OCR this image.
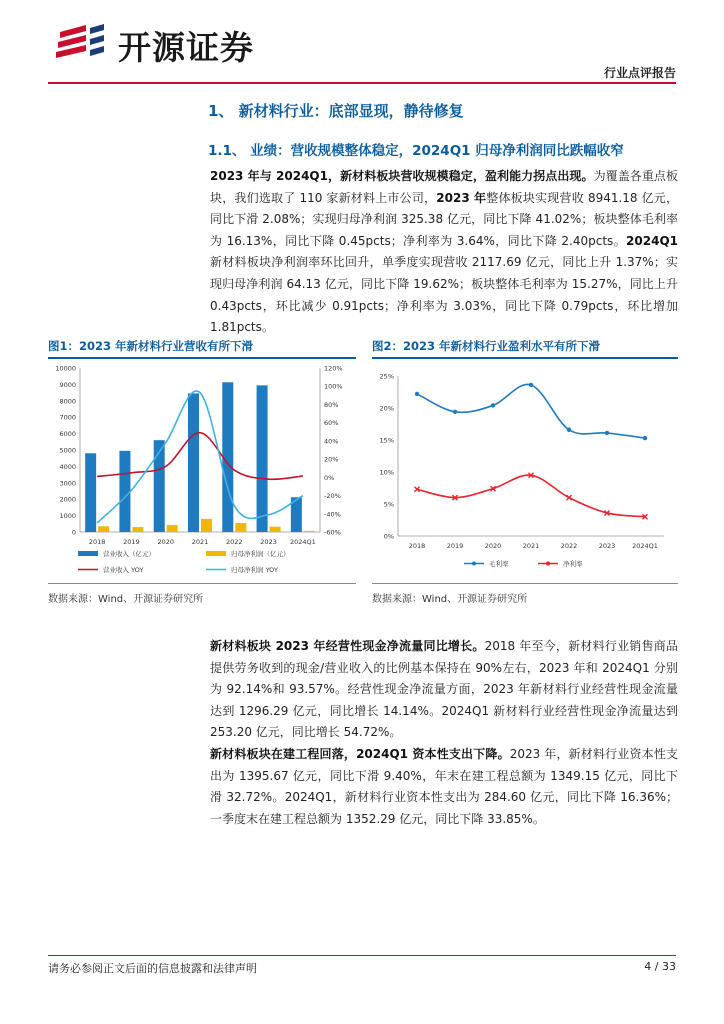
开源证券
行业点评报告
1、 新材料行业：底部显现，静待修复
1.1、 业绩：营收规模整体稳定，2024Q1 归母净利润同比跌幅收窄

2023 年与 2024Q1，新材料板块营收规模稳定，盈利能力拐点出现。为覆盖各重点板块，我们选取了 110 家新材料上市公司，2023 年整体板块实现营收 8941.18 亿元，同比下滑 2.08%；实现归母净利润 325.38 亿元，同比下降 41.02%；板块整体毛利率为 16.13%，同比下降 0.45pcts；净利率为 3.64%，同比下降 2.40pcts。2024Q1新材料板块净利润率环比回升，单季度实现营收 2117.69 亿元，同比上升 1.37%；实现归母净利润 64.13 亿元，同比下降 19.62%；板块整体毛利率为 15.27%，同比上升 0.43pcts，环比减少 0.91pcts；净利率为 3.03%，同比下降 0.79pcts，环比增加 1.81pcts。

图1：2023 年新材料行业营收有所下滑
0
1000
2000
3000
4000
5000
6000
7000
8000
9000
10000
-60%
-40%
-20%
0%
20%
40%
60%
80%
100%
120%
2018	2019	2020	2021	2022	2023 2024Q1
营业收入（亿元）	归母净利润（亿元）
营业收入 YOY	归母净利润 YOY
数据来源：Wind、开源证券研究所
图2：2023 年新材料行业盈利水平有所下滑
0%
5%
10%
15%
20%
25%
2018	2019	2020	2021	2022	2023	2024Q1
毛利率	净利率
数据来源：Wind、开源证券研究所

新材料板块 2023 年经营性现金净流量同比增长。2018 年至今，新材料行业销售商品提供劳务收到的现金/营业收入的比例基本保持在 90%左右，2023 年和 2024Q1 分别为 92.14%和 93.57%。经营性现金净流量方面，2023 年新材料行业经营性现金流量达到 1296.29 亿元，同比增长 14.14%。2024Q1 新材料行业经营性现金净流量达到 253.20 亿元，同比增长 54.72%。

新材料板块在建工程回落，2024Q1 资本性支出下降。2023 年，新材料行业资本性支出为 1395.67 亿元，同比下滑 9.40%，年末在建工程总额为 1349.15 亿元，同比下滑 32.72%。2024Q1，新材料行业资本性支出为 284.60 亿元，同比下降 16.36%；一季度末在建工程总额为 1352.29 亿元，同比下降 33.85%。

请务必参阅正文后面的信息披露和法律声明	4 / 33
